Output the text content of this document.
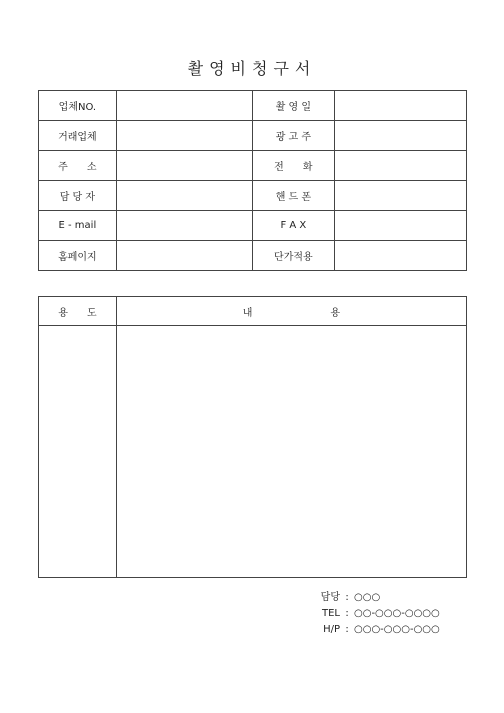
촬영비청구서
업체NO.		촬 영 일	
거래업체		광 고 주	
주      소		전      화	
담 당 자		핸 드 폰	
E - mail		F A X	
홈페이지		단가적용	
용      도	내 용

담당 : ○○○
TEL : ○○-○○○-○○○○
H/P : ○○○-○○○-○○○
